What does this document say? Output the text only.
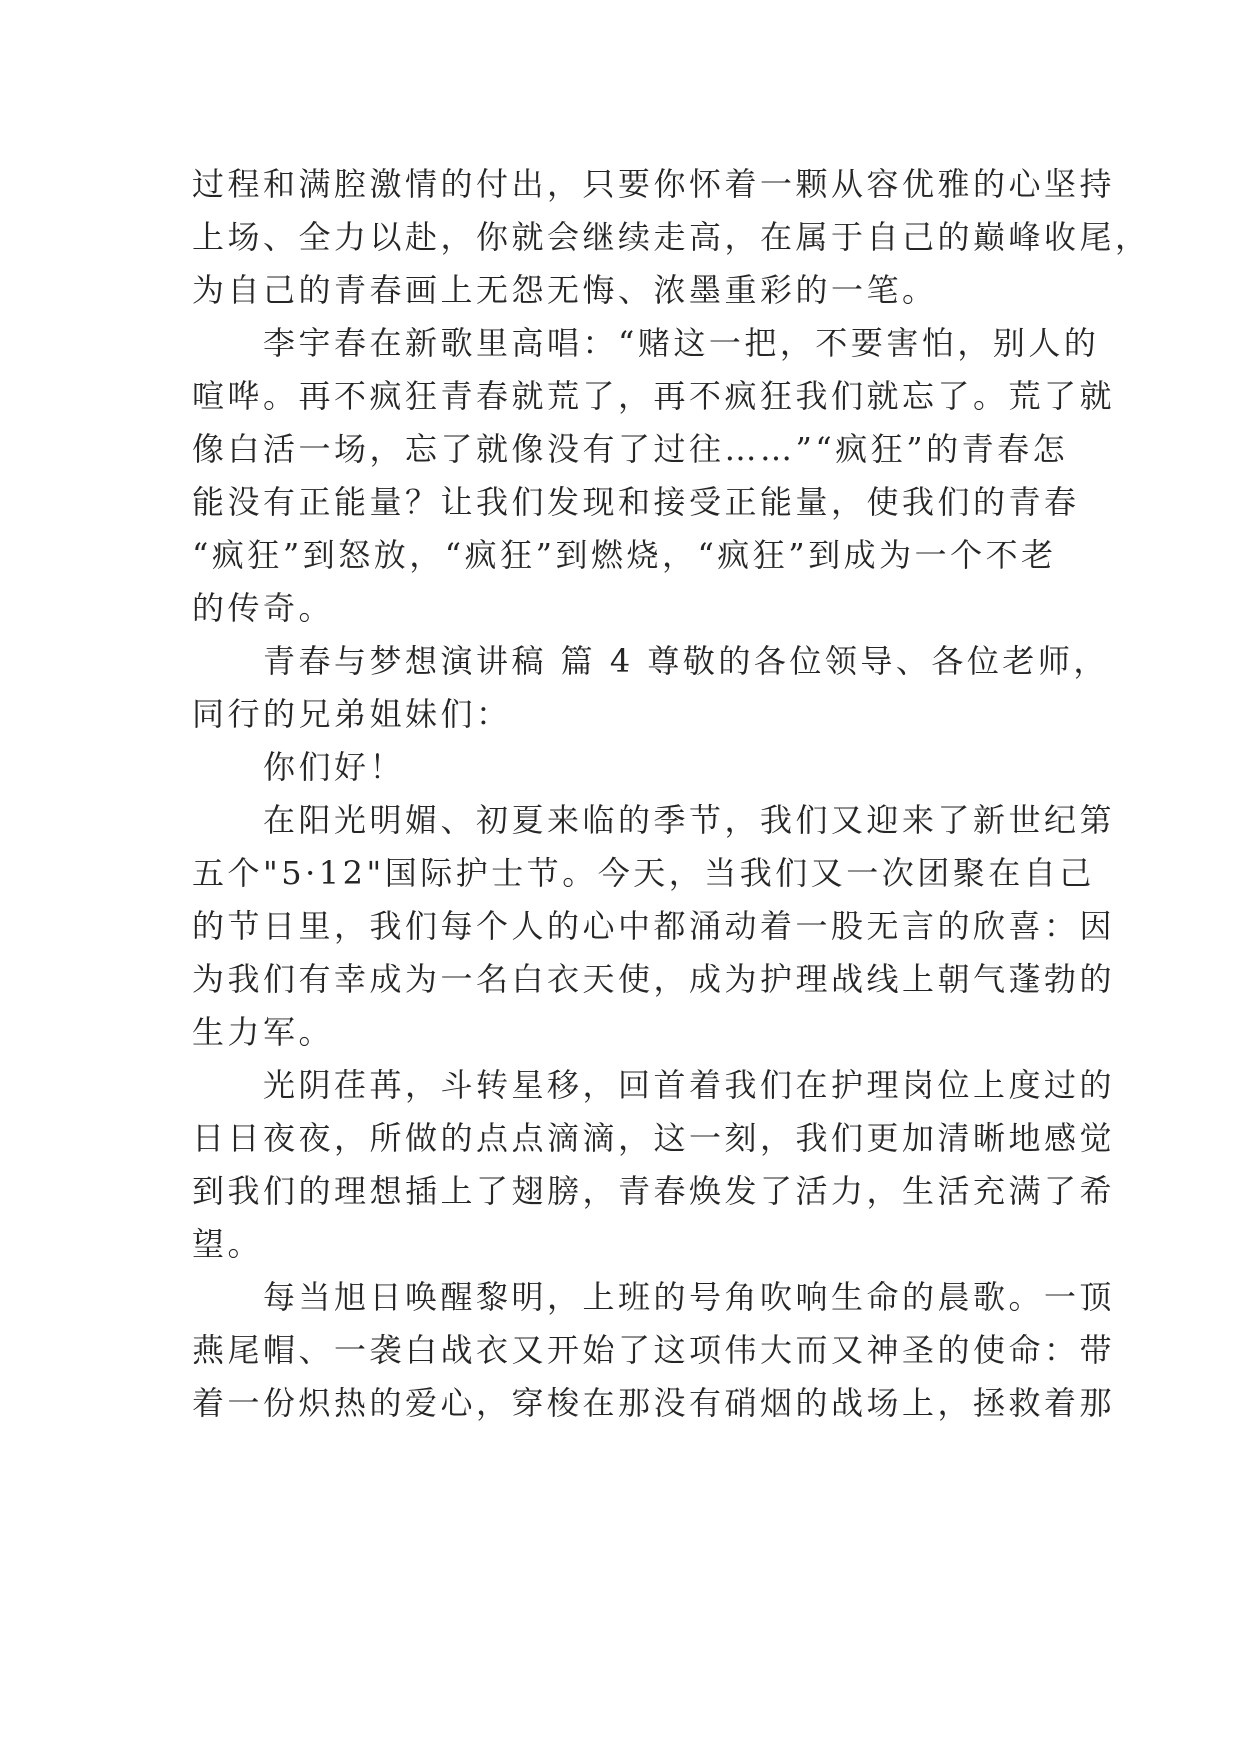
过程和满腔激情的付出，只要你怀着一颗从容优雅的心坚持
上场、全力以赴，你就会继续走高，在属于自己的巅峰收尾，
为自己的青春画上无怨无悔、浓墨重彩的一笔。
　　李宇春在新歌里高唱：“赌这一把，不要害怕，别人的
喧哗。再不疯狂青春就荒了，再不疯狂我们就忘了。荒了就
像白活一场，忘了就像没有了过往……”“疯狂”的青春怎
能没有正能量？让我们发现和接受正能量，使我们的青春
“疯狂”到怒放，“疯狂”到燃烧，“疯狂”到成为一个不老
的传奇。
　　青春与梦想演讲稿 篇 4 尊敬的各位领导、各位老师，
同行的兄弟姐妹们：
　　你们好！
　　在阳光明媚、初夏来临的季节，我们又迎来了新世纪第
五个"5·12"国际护士节。今天，当我们又一次团聚在自己
的节日里，我们每个人的心中都涌动着一股无言的欣喜：因
为我们有幸成为一名白衣天使，成为护理战线上朝气蓬勃的
生力军。
　　光阴荏苒，斗转星移，回首着我们在护理岗位上度过的
日日夜夜，所做的点点滴滴，这一刻，我们更加清晰地感觉
到我们的理想插上了翅膀，青春焕发了活力，生活充满了希
望。
　　每当旭日唤醒黎明，上班的号角吹响生命的晨歌。一顶
燕尾帽、一袭白战衣又开始了这项伟大而又神圣的使命：带
着一份炽热的爱心，穿梭在那没有硝烟的战场上，拯救着那
